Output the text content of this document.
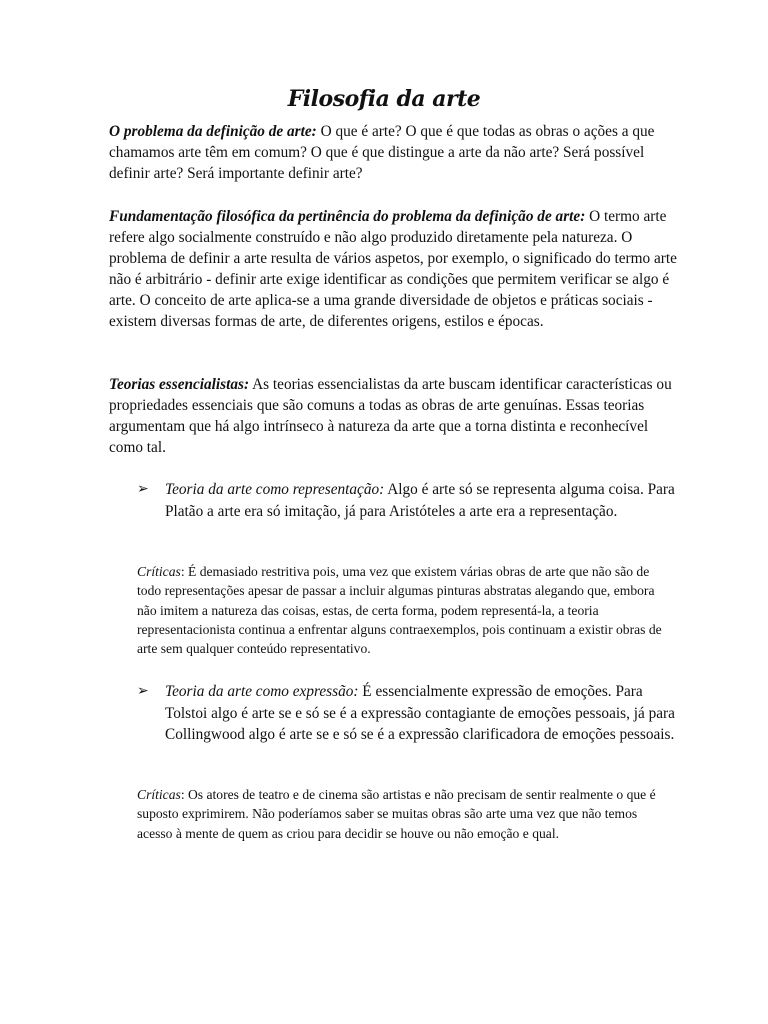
Filosofia da arte

O problema da definição de arte: O que é arte? O que é que todas as obras o ações a que chamamos arte têm em comum? O que é que distingue a arte da não arte? Será possível definir arte? Será importante definir arte?

Fundamentação filosófica da pertinência do problema da definição de arte: O termo arte refere algo socialmente construído e não algo produzido diretamente pela natureza. O problema de definir a arte resulta de vários aspetos, por exemplo, o significado do termo arte não é arbitrário - definir arte exige identificar as condições que permitem verificar se algo é arte. O conceito de arte aplica-se a uma grande diversidade de objetos e práticas sociais - existem diversas formas de arte, de diferentes origens, estilos e épocas.

Teorias essencialistas: As teorias essencialistas da arte buscam identificar características ou propriedades essenciais que são comuns a todas as obras de arte genuínas. Essas teorias argumentam que há algo intrínseco à natureza da arte que a torna distinta e reconhecível como tal.

➢ Teoria da arte como representação: Algo é arte só se representa alguma coisa. Para Platão a arte era só imitação, já para Aristóteles a arte era a representação.

Críticas: É demasiado restritiva pois, uma vez que existem várias obras de arte que não são de todo representações apesar de passar a incluir algumas pinturas abstratas alegando que, embora não imitem a natureza das coisas, estas, de certa forma, podem representá-la, a teoria representacionista continua a enfrentar alguns contraexemplos, pois continuam a existir obras de arte sem qualquer conteúdo representativo.

➢ Teoria da arte como expressão: É essencialmente expressão de emoções. Para Tolstoi algo é arte se e só se é a expressão contagiante de emoções pessoais, já para Collingwood algo é arte se e só se é a expressão clarificadora de emoções pessoais.

Críticas: Os atores de teatro e de cinema são artistas e não precisam de sentir realmente o que é suposto exprimirem. Não poderíamos saber se muitas obras são arte uma vez que não temos acesso à mente de quem as criou para decidir se houve ou não emoção e qual.
